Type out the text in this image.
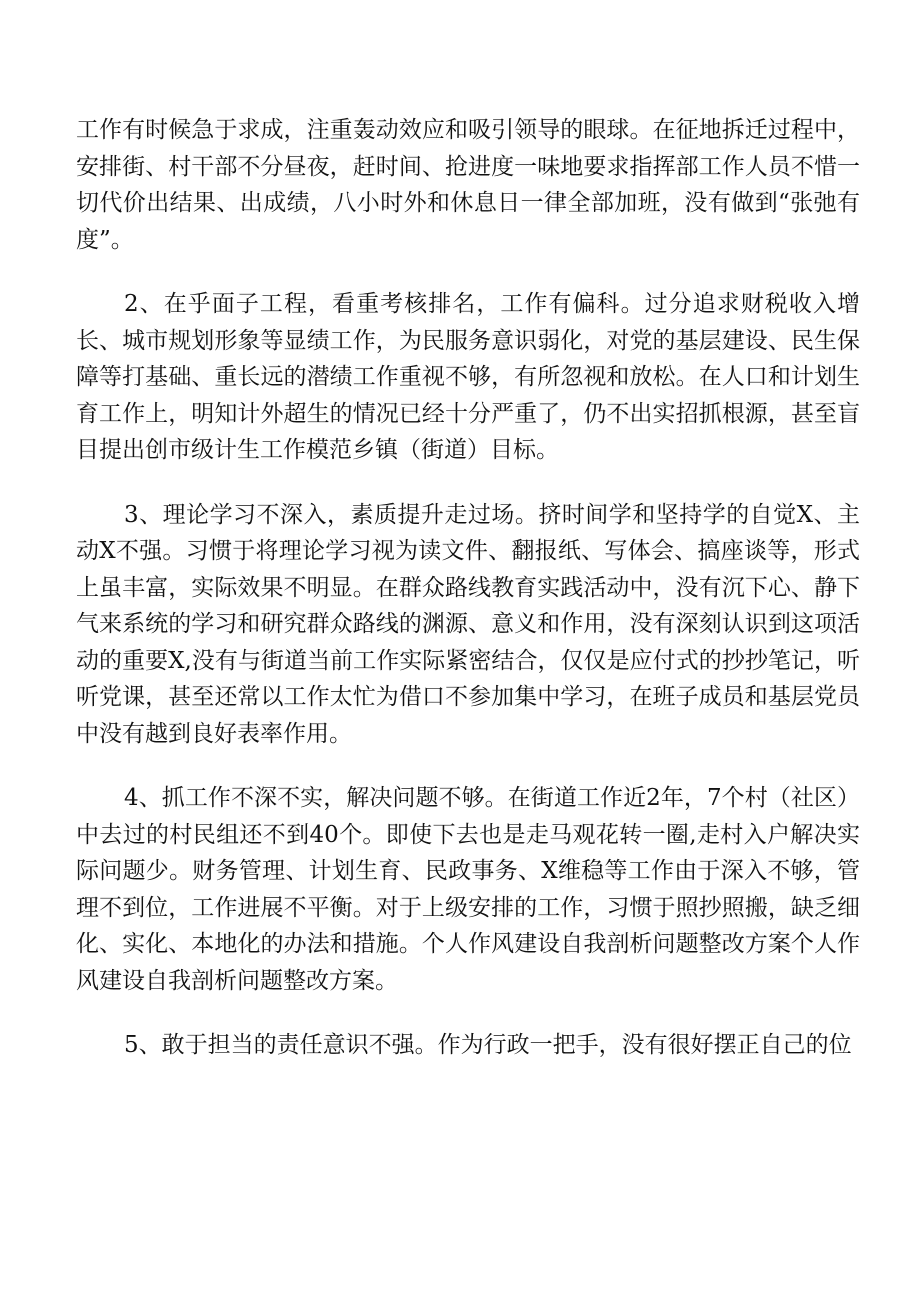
工作有时候急于求成，注重轰动效应和吸引领导的眼球。在征地拆迁过程中，安排街、村干部不分昼夜，赶时间、抢进度一味地要求指挥部工作人员不惜一切代价出结果、出成绩，八小时外和休息日一律全部加班，没有做到“张弛有度”。

2、在乎面子工程，看重考核排名，工作有偏科。过分追求财税收入增长、城市规划形象等显绩工作，为民服务意识弱化，对党的基层建设、民生保障等打基础、重长远的潜绩工作重视不够，有所忽视和放松。在人口和计划生育工作上，明知计外超生的情况已经十分严重了，仍不出实招抓根源，甚至盲目提出创市级计生工作模范乡镇（街道）目标。

3、理论学习不深入，素质提升走过场。挤时间学和坚持学的自觉X、主动X不强。习惯于将理论学习视为读文件、翻报纸、写体会、搞座谈等，形式上虽丰富，实际效果不明显。在群众路线教育实践活动中，没有沉下心、静下气来系统的学习和研究群众路线的渊源、意义和作用，没有深刻认识到这项活动的重要X,没有与街道当前工作实际紧密结合，仅仅是应付式的抄抄笔记，听听党课，甚至还常以工作太忙为借口不参加集中学习，在班子成员和基层党员中没有越到良好表率作用。

4、抓工作不深不实，解决问题不够。在街道工作近2年，7个村（社区）中去过的村民组还不到40个。即使下去也是走马观花转一圈,走村入户解决实际问题少。财务管理、计划生育、民政事务、X维稳等工作由于深入不够，管理不到位，工作进展不平衡。对于上级安排的工作，习惯于照抄照搬，缺乏细化、实化、本地化的办法和措施。个人作风建设自我剖析问题整改方案个人作风建设自我剖析问题整改方案。

5、敢于担当的责任意识不强。作为行政一把手，没有很好摆正自己的位
